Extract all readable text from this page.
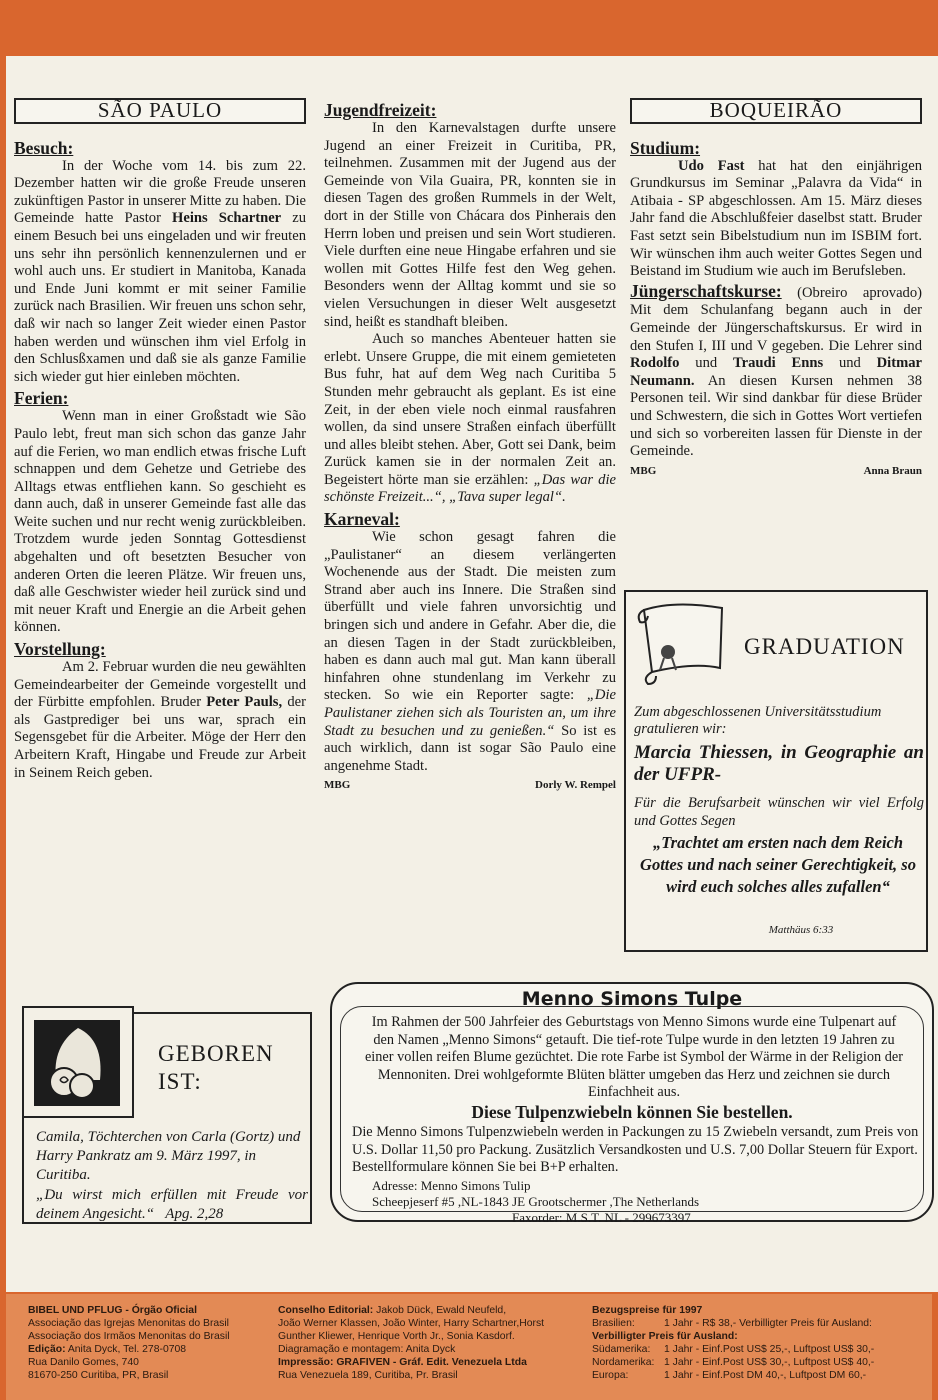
SÃO PAULO
Besuch:

In der Woche vom 14. bis zum 22. Dezember hatten wir die große Freude unseren zukünftigen Pastor in unserer Mitte zu haben. Die Gemeinde hatte Pastor Heins Schartner zu einem Besuch bei uns eingeladen und wir freuten uns sehr ihn persönlich kennenzulernen und er wohl auch uns. Er studiert in Manitoba, Kanada und Ende Juni kommt er mit seiner Familie zurück nach Brasilien. Wir freuen uns schon sehr, daß wir nach so langer Zeit wieder einen Pastor haben werden und wünschen ihm viel Erfolg in den Schlusßxamen und daß sie als ganze Familie sich wieder gut hier einleben möchten.

Ferien:

Wenn man in einer Großstadt wie São Paulo lebt, freut man sich schon das ganze Jahr auf die Ferien, wo man endlich etwas frische Luft schnappen und dem Gehetze und Getriebe des Alltags etwas entfliehen kann. So geschieht es dann auch, daß in unserer Gemeinde fast alle das Weite suchen und nur recht wenig zurückbleiben. Trotzdem wurde jeden Sonntag Gottesdienst abgehalten und oft besetzten Besucher von anderen Orten die leeren Plätze. Wir freuen uns, daß alle Geschwister wieder heil zurück sind und mit neuer Kraft und Energie an die Arbeit gehen können.

Vorstellung:

Am 2. Februar wurden die neu gewählten Gemeindearbeiter der Gemeinde vorgestellt und der Fürbitte empfohlen. Bruder Peter Pauls, der als Gastprediger bei uns war, sprach ein Segensgebet für die Arbeiter. Möge der Herr den Arbeitern Kraft, Hingabe und Freude zur Arbeit in Seinem Reich geben.

Jugendfreizeit:

In den Karnevalstagen durfte unsere Jugend an einer Freizeit in Curitiba, PR, teilnehmen. Zusammen mit der Jugend aus der Gemeinde von Vila Guaira, PR, konnten sie in diesen Tagen des großen Rummels in der Welt, dort in der Stille von Chácara dos Pinherais den Herrn loben und preisen und sein Wort studieren. Viele durften eine neue Hingabe erfahren und sie wollen mit Gottes Hilfe fest den Weg gehen. Besonders wenn der Alltag kommt und sie so vielen Versuchungen in dieser Welt ausgesetzt sind, heißt es standhaft bleiben.

Auch so manches Abenteuer hatten sie erlebt. Unsere Gruppe, die mit einem gemieteten Bus fuhr, hat auf dem Weg nach Curitiba 5 Stunden mehr gebraucht als geplant. Es ist eine Zeit, in der eben viele noch einmal rausfahren wollen, da sind unsere Straßen einfach überfüllt und alles bleibt stehen. Aber, Gott sei Dank, beim Zurück kamen sie in der normalen Zeit an. Begeistert hörte man sie erzählen: „Das war die schönste Freizeit...“, „Tava super legal“.

Karneval:

Wie schon gesagt fahren die „Paulistaner“ an diesem verlängerten Wochenende aus der Stadt. Die meisten zum Strand aber auch ins Innere. Die Straßen sind überfüllt und viele fahren unvorsichtig und bringen sich und andere in Gefahr. Aber die, die an diesen Tagen in der Stadt zurückbleiben, haben es dann auch mal gut. Man kann überall hinfahren ohne stundenlang im Verkehr zu stecken. So wie ein Reporter sagte: „Die Paulistaner ziehen sich als Touristen an, um ihre Stadt zu besuchen und zu genießen.“ So ist es auch wirklich, dann ist sogar São Paulo eine angenehme Stadt.

MBG	Dorly W. Rempel
BOQUEIRÃO
Studium:

Udo Fast hat hat den einjährigen Grundkursus im Seminar „Palavra da Vida“ in Atibaia - SP abgeschlossen. Am 15. März dieses Jahr fand die Abschlußfeier daselbst statt. Bruder Fast setzt sein Bibelstudium nun im ISBIM fort. Wir wünschen ihm auch weiter Gottes Segen und Beistand im Studium wie auch im Berufsleben.

Jüngerschaftskurse: (Obreiro aprovado) Mit dem Schulanfang begann auch in der Gemeinde der Jüngerschaftskursus. Er wird in den Stufen I, III und V gegeben. Die Lehrer sind Rodolfo und Traudi Enns und Ditmar Neumann. An diesen Kursen nehmen 38 Personen teil. Wir sind dankbar für diese Brüder und Schwestern, die sich in Gottes Wort vertiefen und sich so vorbereiten lassen für Dienste in der Gemeinde.

MBG	Anna Braun
GRADUATION
Zum abgeschlossenen Universitätsstudium gratulieren wir:
Marcia Thiessen, in Geographie an der UFPR-
Für die Berufsarbeit wünschen wir viel Erfolg und Gottes Segen
„Trachtet am ersten nach dem Reich Gottes und nach seiner Gerechtigkeit, so wird euch solches alles zufallen“
Matthäus 6:33
GEBOREN IST:
Camila, Töchterchen von Carla (Gortz) und Harry Pankratz am 9. März 1997, in Curitiba.
„Du wirst mich erfüllen mit Freude vor deinem Angesicht.“ Apg. 2,28
Menno Simons Tulpe
Im Rahmen der 500 Jahrfeier des Geburtstags von Menno Simons wurde eine Tulpenart auf den Namen „Menno Simons“ getauft. Die tief-rote Tulpe wurde in den letzten 19 Jahren zu einer vollen reifen Blume gezüchtet. Die rote Farbe ist Symbol der Wärme in der Religion der Mennoniten. Drei wohlgeformte Blüten blätter umgeben das Herz und zeichnen sie durch Einfachheit aus.
Diese Tulpenzwiebeln können Sie bestellen.
Die Menno Simons Tulpenzwiebeln werden in Packungen zu 15 Zwiebeln versandt, zum Preis von U.S. Dollar 11,50 pro Packung. Zusätzlich Versandkosten und U.S. 7,00 Dollar Steuern für Export. Bestellformulare können Sie bei B+P erhalten.
Adresse: Menno Simons Tulip
Scheepjeserf #5 ,NL-1843 JE Grootschermer ,The Netherlands
Faxorder: M.S.T. NL - 299673397
BIBEL UND PFLUG - Órgão Oficial
Associação das Igrejas Menonitas do Brasil
Associação dos Irmãos Menonitas do Brasil
Edição: Anita Dyck, Tel. 278-0708
Rua Danilo Gomes, 740
81670-250 Curitiba, PR, Brasil
Conselho Editorial: Jakob Dück, Ewald Neufeld,
João Werner Klassen, João Winter, Harry Schartner,Horst
Gunther Kliewer, Henrique Vorth Jr., Sonia Kasdorf.
Diagramação e montagem: Anita Dyck
Impressão: GRAFIVEN - Gráf. Edit. Venezuela Ltda
Rua Venezuela 189, Curitiba, Pr. Brasil
Bezugspreise für 1997
Brasilien:	1 Jahr - R$ 38,- Verbilligter Preis für Ausland:
Verbilligter Preis für Ausland:	
Südamerika:	1 Jahr - Einf.Post US$ 25,-, Luftpost US$ 30,-
Nordamerika:	1 Jahr - Einf.Post US$ 30,-, Luftpost US$ 40,-
Europa:	1 Jahr - Einf.Post DM 40,-, Luftpost DM 60,-
